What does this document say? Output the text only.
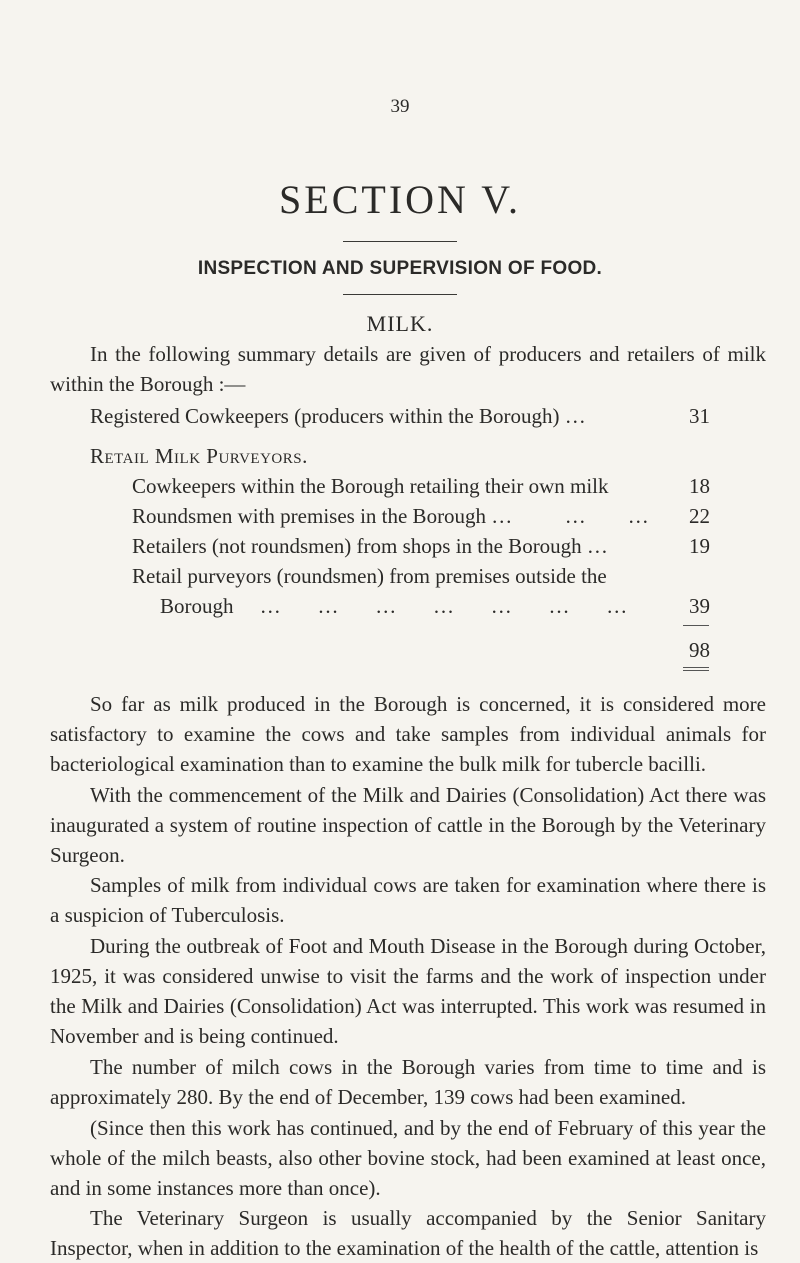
39
SECTION V.
INSPECTION AND SUPERVISION OF FOOD.
MILK.
In the following summary details are given of producers and retailers of milk within the Borough :—
Registered Cowkeepers (producers within the Borough) …	31
Retail Milk Purveyors.
Cowkeepers within the Borough retailing their own milk	18
Roundsmen with premises in the Borough …          …        …	22
Retailers (not roundsmen) from shops in the Borough …	19
Retail purveyors (roundsmen) from premises outside the
Borough     …       …       …       …       …       …       …	39
98
So far as milk produced in the Borough is concerned, it is considered more satisfactory to examine the cows and take samples from individual animals for bacteriological examination than to examine the bulk milk for tubercle bacilli.
With the commencement of the Milk and Dairies (Consolidation) Act there was inaugurated a system of routine inspection of cattle in the Borough by the Veterinary Surgeon.
Samples of milk from individual cows are taken for examination where there is a suspicion of Tuberculosis.
During the outbreak of Foot and Mouth Disease in the Borough during October, 1925, it was considered unwise to visit the farms and the work of inspection under the Milk and Dairies (Consolidation) Act was interrupted. This work was resumed in November and is being continued.
The number of milch cows in the Borough varies from time to time and is approximately 280. By the end of December, 139 cows had been examined.
(Since then this work has continued, and by the end of February of this year the whole of the milch beasts, also other bovine stock, had been examined at least once, and in some instances more than once).
The Veterinary Surgeon is usually accompanied by the Senior Sanitary Inspector, when in addition to the examination of the health of the cattle, attention is
